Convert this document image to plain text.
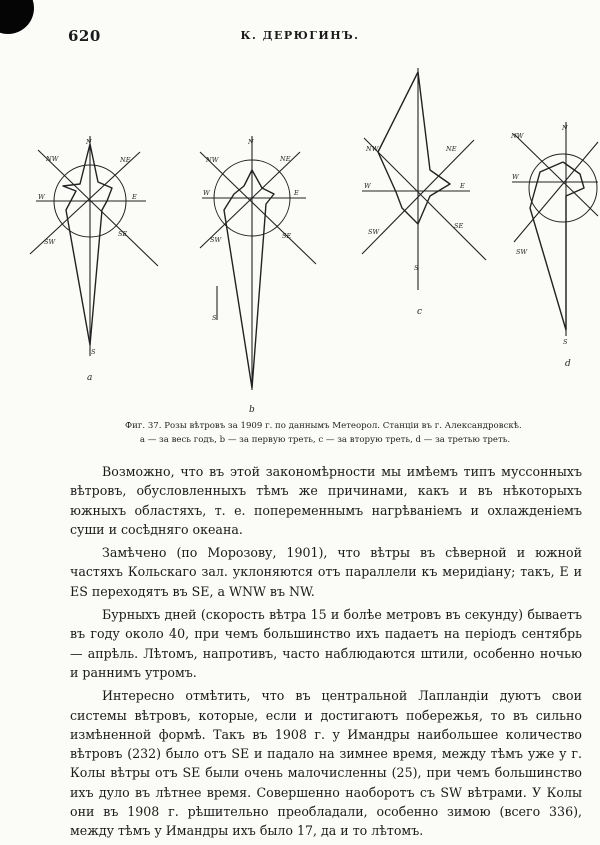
620	К. ДЕРЮГИНЪ.
N
NW	NE
W	E
SE
SW
S
a
N
NW	NE
W	E
SE
SW
S
b
NW	NE
W	E
SE
SW
S
c
NW
N
W
SW
S
d
Фиг. 37. Розы вѣтровъ за 1909 г. по даннымъ Метеорол. Станціи въ г. Александровскѣ.
a — за весь годъ, b — за первую треть, c — за вторую треть, d — за третью треть.

Возможно, что въ этой закономѣрности мы имѣемъ типъ муссонныхъ вѣтровъ, обусловленныхъ тѣмъ же причинами, какъ и въ нѣкоторыхъ южныхъ областяхъ, т. е. попеременнымъ нагрѣваніемъ и охлажденіемъ суши и сосѣдняго океана.

Замѣчено (по Морозову, 1901), что вѣтры въ сѣверной и южной частяхъ Кольскаго зал. уклоняются отъ параллели къ меридіану; такъ, E и ES переходятъ въ SE, а WNW въ NW.

Бурныхъ дней (скорость вѣтра 15 и болѣе метровъ въ секунду) бываетъ въ году около 40, при чемъ большинство ихъ падаетъ на періодъ сентябрь — апрѣль. Лѣтомъ, напротивъ, часто наблюдаются штили, особенно ночью и раннимъ утромъ.

Интересно отмѣтить, что въ центральной Лапландіи дуютъ свои системы вѣтровъ, которые, если и достигаютъ побережья, то въ сильно измѣненной формѣ. Такъ въ 1908 г. у Имандры наибольшее количество вѣтровъ (232) было отъ SE и падало на зимнее время, между тѣмъ уже у г. Колы вѣтры отъ SE были очень малочисленны (25), при чемъ большинство ихъ дуло въ лѣтнее время. Совершенно наоборотъ съ SW вѣтрами. У Колы они въ 1908 г. рѣшительно преобладали, особенно зимою (всего 336), между тѣмъ у Имандры ихъ было 17, да и то лѣтомъ.
